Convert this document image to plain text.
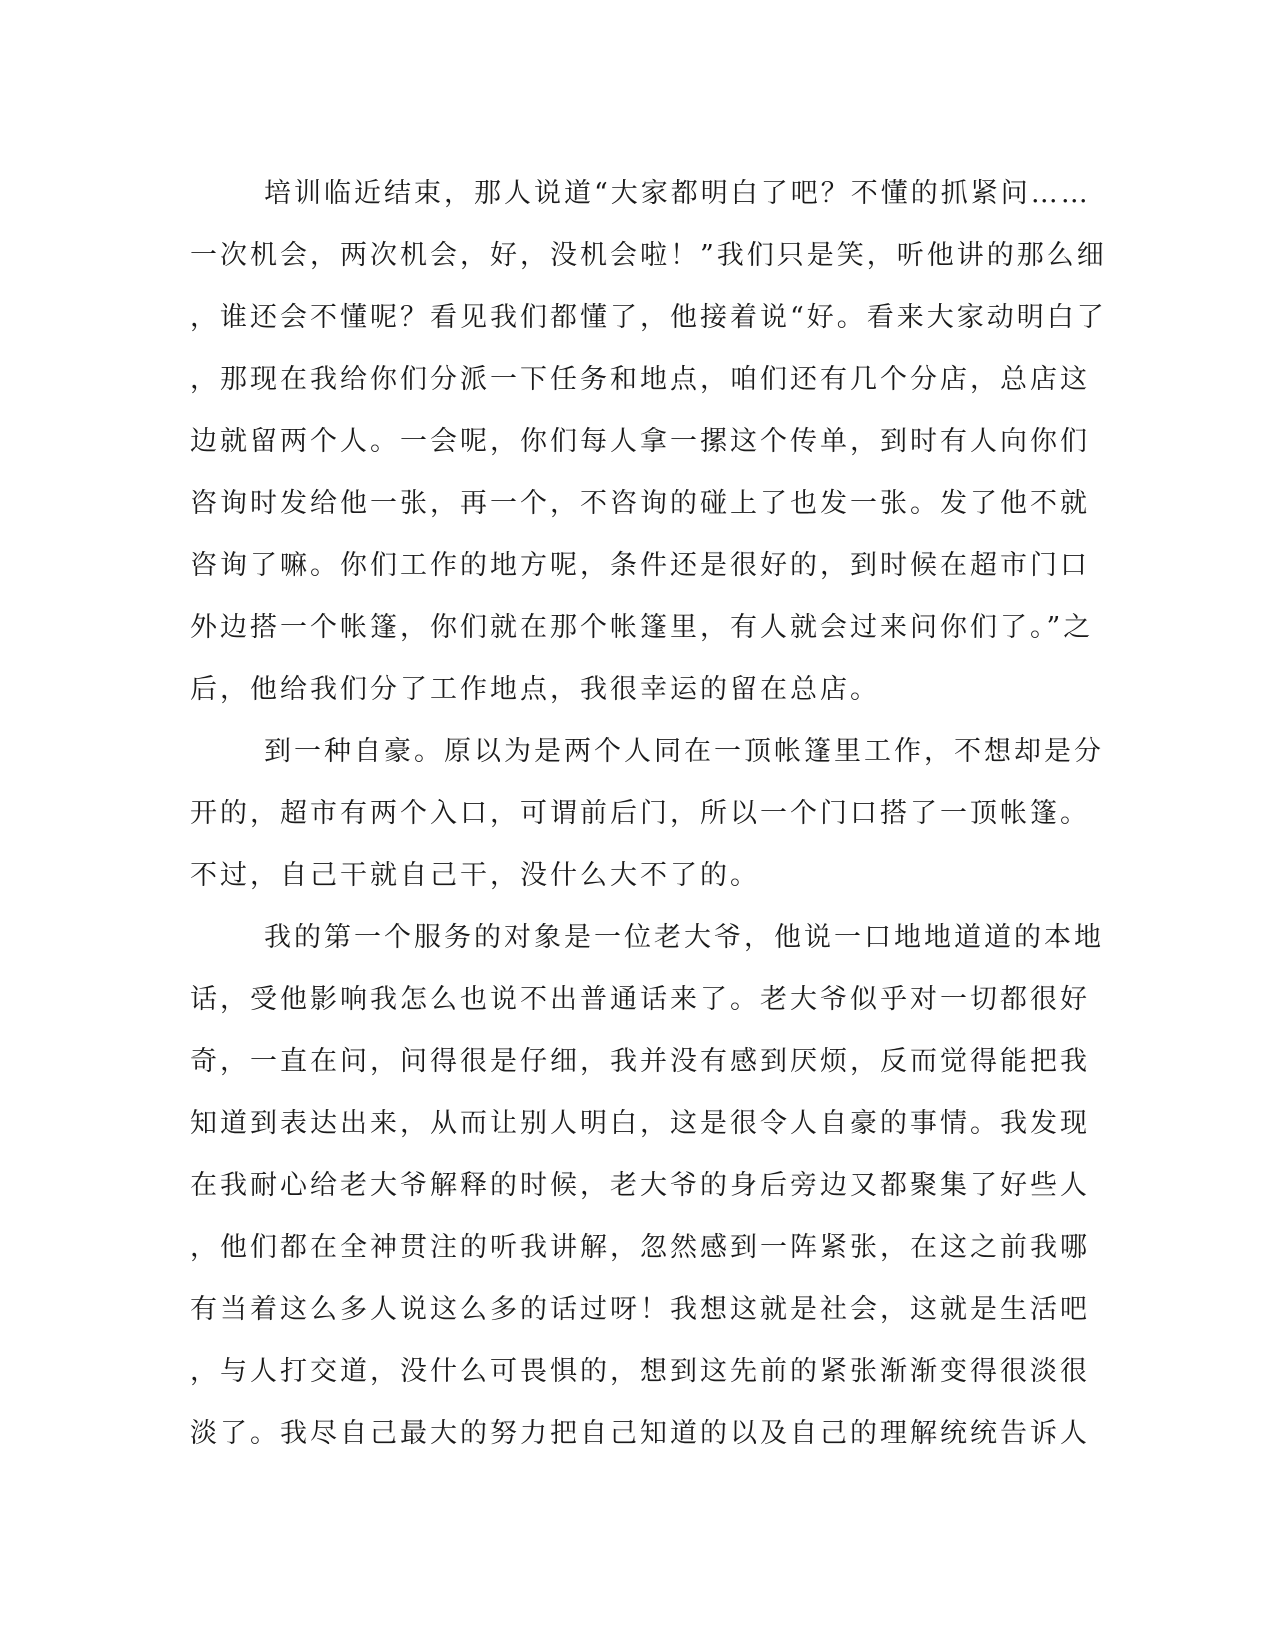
培训临近结束，那人说道“大家都明白了吧？不懂的抓紧问……
一次机会，两次机会，好，没机会啦！”我们只是笑，听他讲的那么细
，谁还会不懂呢？看见我们都懂了，他接着说“好。看来大家动明白了
，那现在我给你们分派一下任务和地点，咱们还有几个分店，总店这
边就留两个人。一会呢，你们每人拿一摞这个传单，到时有人向你们
咨询时发给他一张，再一个，不咨询的碰上了也发一张。发了他不就
咨询了嘛。你们工作的地方呢，条件还是很好的，到时候在超市门口
外边搭一个帐篷，你们就在那个帐篷里，有人就会过来问你们了。”之
后，他给我们分了工作地点，我很幸运的留在总店。
到一种自豪。原以为是两个人同在一顶帐篷里工作，不想却是分
开的，超市有两个入口，可谓前后门，所以一个门口搭了一顶帐篷。
不过，自己干就自己干，没什么大不了的。
我的第一个服务的对象是一位老大爷，他说一口地地道道的本地
话，受他影响我怎么也说不出普通话来了。老大爷似乎对一切都很好
奇，一直在问，问得很是仔细，我并没有感到厌烦，反而觉得能把我
知道到表达出来，从而让别人明白，这是很令人自豪的事情。我发现
在我耐心给老大爷解释的时候，老大爷的身后旁边又都聚集了好些人
，他们都在全神贯注的听我讲解，忽然感到一阵紧张，在这之前我哪
有当着这么多人说这么多的话过呀！我想这就是社会，这就是生活吧
，与人打交道，没什么可畏惧的，想到这先前的紧张渐渐变得很淡很
淡了。我尽自己最大的努力把自己知道的以及自己的理解统统告诉人
